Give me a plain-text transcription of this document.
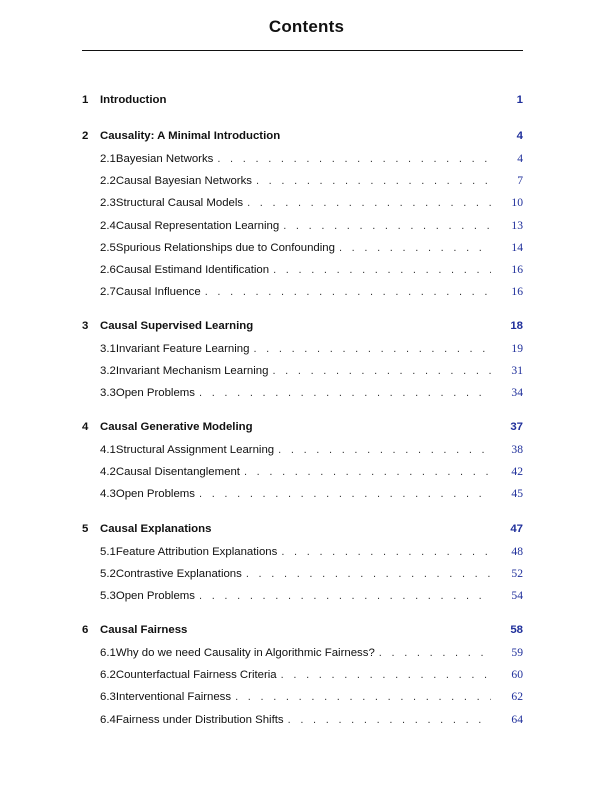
Contents
1	Introduction	1
2	Causality: A Minimal Introduction	4
2.1 Bayesian Networks . . .	4
2.2 Causal Bayesian Networks . . .	7
2.3 Structural Causal Models . . .	10
2.4 Causal Representation Learning . . .	13
2.5 Spurious Relationships due to Confounding . . .	14
2.6 Causal Estimand Identification . . .	16
2.7 Causal Influence . . .	16
3	Causal Supervised Learning	18
3.1 Invariant Feature Learning . . .	19
3.2 Invariant Mechanism Learning . . .	31
3.3 Open Problems . . .	34
4	Causal Generative Modeling	37
4.1 Structural Assignment Learning . . .	38
4.2 Causal Disentanglement . . .	42
4.3 Open Problems . . .	45
5	Causal Explanations	47
5.1 Feature Attribution Explanations . . .	48
5.2 Contrastive Explanations . . .	52
5.3 Open Problems . . .	54
6	Causal Fairness	58
6.1 Why do we need Causality in Algorithmic Fairness? . . .	59
6.2 Counterfactual Fairness Criteria . . .	60
6.3 Interventional Fairness . . .	62
6.4 Fairness under Distribution Shifts . . .	64
